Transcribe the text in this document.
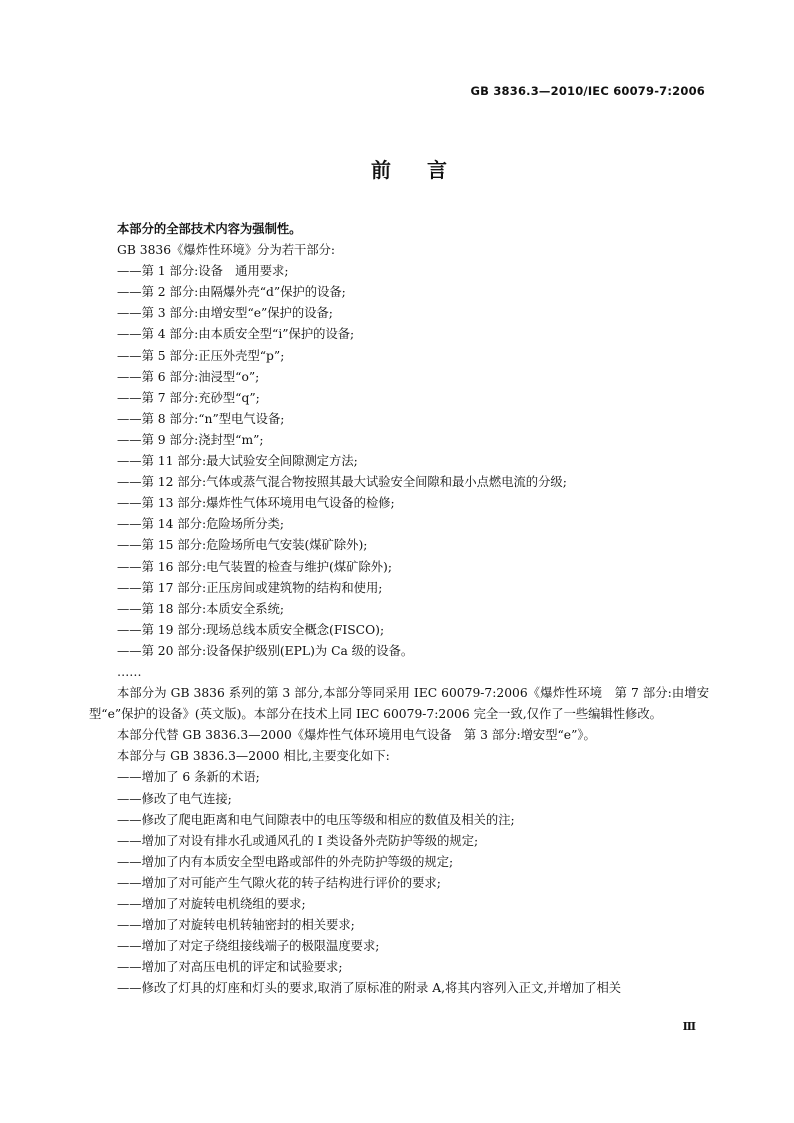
GB 3836.3—2010/IEC 60079-7:2006
前言
本部分的全部技术内容为强制性。
GB 3836《爆炸性环境》分为若干部分:
——第 1 部分:设备　通用要求;
——第 2 部分:由隔爆外壳“d”保护的设备;
——第 3 部分:由增安型“e”保护的设备;
——第 4 部分:由本质安全型“i”保护的设备;
——第 5 部分:正压外壳型“p”;
——第 6 部分:油浸型“o”;
——第 7 部分:充砂型“q”;
——第 8 部分:“n”型电气设备;
——第 9 部分:浇封型“m”;
——第 11 部分:最大试验安全间隙测定方法;
——第 12 部分:气体或蒸气混合物按照其最大试验安全间隙和最小点燃电流的分级;
——第 13 部分:爆炸性气体环境用电气设备的检修;
——第 14 部分:危险场所分类;
——第 15 部分:危险场所电气安装(煤矿除外);
——第 16 部分:电气装置的检查与维护(煤矿除外);
——第 17 部分:正压房间或建筑物的结构和使用;
——第 18 部分:本质安全系统;
——第 19 部分:现场总线本质安全概念(FISCO);
——第 20 部分:设备保护级别(EPL)为 Ca 级的设备。
……
本部分为 GB 3836 系列的第 3 部分,本部分等同采用 IEC 60079-7:2006《爆炸性环境　第 7 部分:由增安型“e”保护的设备》(英文版)。本部分在技术上同 IEC 60079-7:2006 完全一致,仅作了一些编辑性修改。
本部分代替 GB 3836.3—2000《爆炸性气体环境用电气设备　第 3 部分:增安型“e”》。
本部分与 GB 3836.3—2000 相比,主要变化如下:
——增加了 6 条新的术语;
——修改了电气连接;
——修改了爬电距离和电气间隙表中的电压等级和相应的数值及相关的注;
——增加了对设有排水孔或通风孔的 Ⅰ 类设备外壳防护等级的规定;
——增加了内有本质安全型电路或部件的外壳防护等级的规定;
——增加了对可能产生气隙火花的转子结构进行评价的要求;
——增加了对旋转电机绕组的要求;
——增加了对旋转电机转轴密封的相关要求;
——增加了对定子绕组接线端子的极限温度要求;
——增加了对高压电机的评定和试验要求;
——修改了灯具的灯座和灯头的要求,取消了原标准的附录 A,将其内容列入正文,并增加了相关
Ⅲ
